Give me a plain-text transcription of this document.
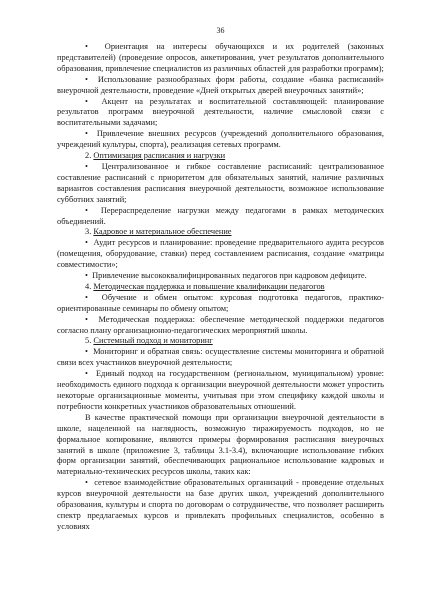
36

•  Ориентация на интересы обучающихся и их родителей (законных представителей) (проведение опросов, анкетирования, учет результатов дополнительного образования, привлечение специалистов из различных областей для разработки программ);

•  Использование разнообразных форм работы, создание «банка расписаний» внеурочной деятельности, проведение «Дней открытых дверей внеурочных занятий»;

•  Акцент на результатах и воспитательной составляющей: планирование результатов программ внеурочной деятельности, наличие смысловой связи с воспитательными задачами;

•  Привлечение внешних ресурсов (учреждений дополнительного образования, учреждений культуры, спорта), реализация сетевых программ.

2. Оптимизация расписания и нагрузки

•  Централизованное и гибкое составление расписаний: централизованное составление расписаний с приоритетом для обязательных занятий, наличие различных вариантов составления расписания внеурочной деятельности, возможное использование субботних занятий;

•  Перераспределение нагрузки между педагогами в рамках методических объединений.

3. Кадровое и материальное обеспечение

•  Аудит ресурсов и планирование: проведение предварительного аудита ресурсов (помещения, оборудование, ставки) перед составлением расписания, создание «матрицы совместимости»;

•  Привлечение высококвалифицированных педагогов при кадровом дефиците.

4. Методическая поддержка и повышение квалификации педагогов

•  Обучение и обмен опытом: курсовая подготовка педагогов, практико-ориентированные семинары по обмену опытом;

•  Методическая поддержка: обеспечение методической поддержки педагогов согласно плану организационно-педагогических мероприятий школы.

5. Системный подход и мониторинг

•  Мониторинг и обратная связь: осуществление системы мониторинга и обратной связи всех участников внеурочной деятельности;

•  Единый подход на государственном (региональном, муниципальном) уровне: необходимость единого подхода к организации внеурочной деятельности может упростить некоторые организационные моменты, учитывая при этом специфику каждой школы и потребности конкретных участников образовательных отношений.

В качестве практической помощи при организации внеурочной деятельности в школе, нацеленной на наглядность, возможную тиражируемость подходов, но не формальное копирование, являются примеры формирования расписания внеурочных занятий в школе (приложение 3, таблицы 3.1-3.4), включающие использование гибких форм организации занятий, обеспечивающих рациональное использование кадровых и материально-технических ресурсов школы, таких как:

•  сетевое взаимодействие образовательных организаций - проведение отдельных курсов внеурочной деятельности на базе других школ, учреждений дополнительного образования, культуры и спорта по договорам о сотрудничестве, что позволяет расширить спектр предлагаемых курсов и привлекать профильных специалистов, особенно в условиях
